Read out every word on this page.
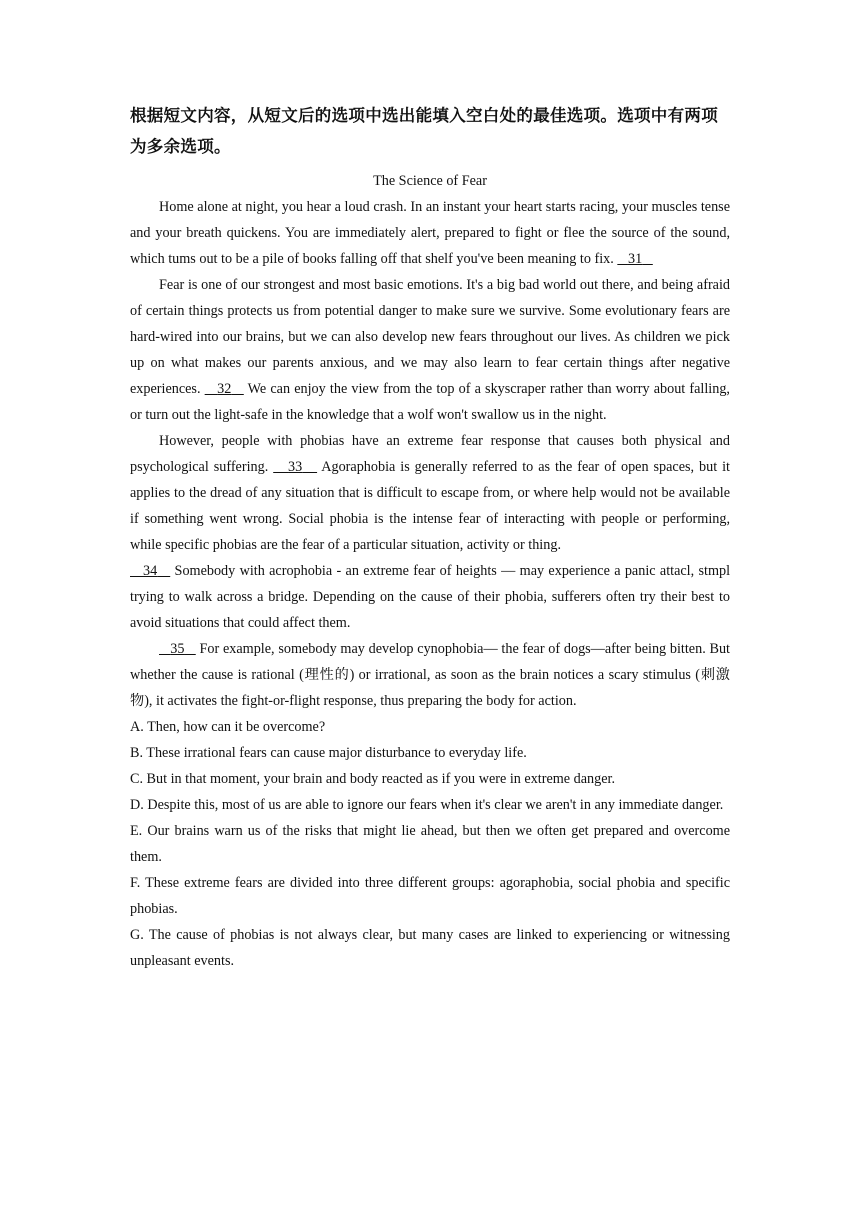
根据短文内容，从短文后的选项中选出能填入空白处的最佳选项。选项中有两项为多余选项。

The Science of Fear

Home alone at night, you hear a loud crash. In an instant your heart starts racing, your muscles tense and your breath quickens. You are immediately alert, prepared to fight or flee the source of the sound, which tums out to be a pile of books falling off that shelf you've been meaning to fix.    31

Fear is one of our strongest and most basic emotions. It's a big bad world out there, and being afraid of certain things protects us from potential danger to make sure we survive. Some evolutionary fears are hard-wired into our brains, but we can also develop new fears throughout our lives. As children we pick up on what makes our parents anxious, and we may also learn to fear certain things after negative experiences.    32    We can enjoy the view from the top of a skyscraper rather than worry about falling, or turn out the light-safe in the knowledge that a wolf won't swallow us in the night.

However, people with phobias have an extreme fear response that causes both physical and psychological suffering.    33    Agoraphobia is generally referred to as the fear of open spaces, but it applies to the dread of any situation that is difficult to escape from, or where help would not be available if something went wrong. Social phobia is the intense fear of interacting with people or performing, while specific phobias are the fear of a particular situation, activity or thing.

34    Somebody with acrophobia - an extreme fear of heights — may experience a panic attacl, stmpl trying to walk across a bridge. Depending on the cause of their phobia, sufferers often try their best to avoid situations that could affect them.

35    For example, somebody may develop cynophobia— the fear of dogs—after being bitten. But whether the cause is rational (理性的) or irrational, as soon as the brain notices a scary stimulus (刺激物), it activates the fight-or-flight response, thus preparing the body for action.

A. Then, how can it be overcome?

B. These irrational fears can cause major disturbance to everyday life.

C. But in that moment, your brain and body reacted as if you were in extreme danger.

D. Despite this, most of us are able to ignore our fears when it's clear we aren't in any immediate danger.

E. Our brains warn us of the risks that might lie ahead, but then we often get prepared and overcome them.

F. These extreme fears are divided into three different groups: agoraphobia, social phobia and specific phobias.

G. The cause of phobias is not always clear, but many cases are linked to experiencing or witnessing unpleasant events.
